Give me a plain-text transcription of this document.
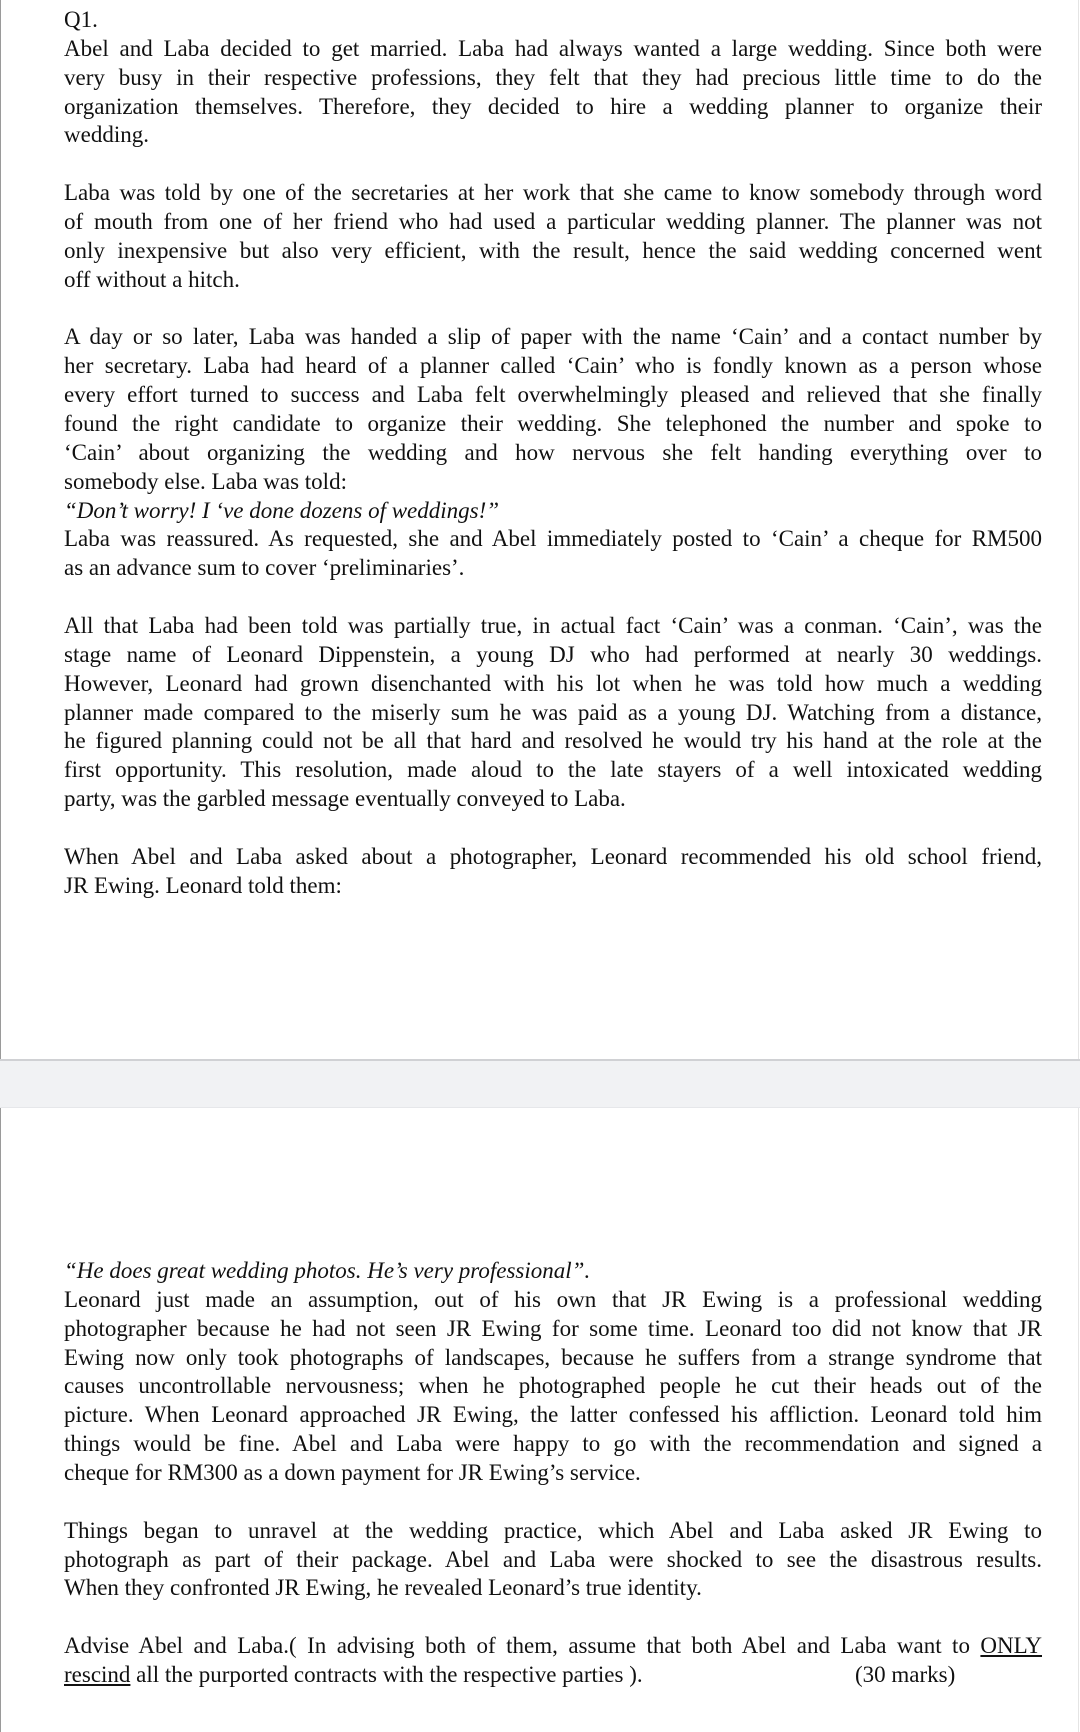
Q1.
Abel and Laba decided to get married. Laba had always wanted a large wedding. Since both were
very busy in their respective professions, they felt that they had precious little time to do the
organization themselves. Therefore, they decided to hire a wedding planner to organize their
wedding.
Laba was told by one of the secretaries at her work that she came to know somebody through word
of mouth from one of her friend who had used a particular wedding planner. The planner was not
only inexpensive but also very efficient, with the result, hence the said wedding concerned went
off without a hitch.
A day or so later, Laba was handed a slip of paper with the name ‘Cain’ and a contact number by
her secretary. Laba had heard of a planner called ‘Cain’ who is fondly known as a person whose
every effort turned to success and Laba felt overwhelmingly pleased and relieved that she finally
found the right candidate to organize their wedding. She telephoned the number and spoke to
‘Cain’ about organizing the wedding and how nervous she felt handing everything over to
somebody else. Laba was told:
“Don’t worry! I ‘ve done dozens of weddings!”
Laba was reassured. As requested, she and Abel immediately posted to ‘Cain’ a cheque for RM500
as an advance sum to cover ‘preliminaries’.
All that Laba had been told was partially true, in actual fact ‘Cain’ was a conman. ‘Cain’, was the
stage name of Leonard Dippenstein, a young DJ who had performed at nearly 30 weddings.
However, Leonard had grown disenchanted with his lot when he was told how much a wedding
planner made compared to the miserly sum he was paid as a young DJ. Watching from a distance,
he figured planning could not be all that hard and resolved he would try his hand at the role at the
first opportunity. This resolution, made aloud to the late stayers of a well intoxicated wedding
party, was the garbled message eventually conveyed to Laba.
When Abel and Laba asked about a photographer, Leonard recommended his old school friend,
JR Ewing. Leonard told them:
“He does great wedding photos. He’s very professional”.
Leonard just made an assumption, out of his own that JR Ewing is a professional wedding
photographer because he had not seen JR Ewing for some time. Leonard too did not know that JR
Ewing now only took photographs of landscapes, because he suffers from a strange syndrome that
causes uncontrollable nervousness; when he photographed people he cut their heads out of the
picture. When Leonard approached JR Ewing, the latter confessed his affliction. Leonard told him
things would be fine. Abel and Laba were happy to go with the recommendation and signed a
cheque for RM300 as a down payment for JR Ewing’s service.
Things began to unravel at the wedding practice, which Abel and Laba asked JR Ewing to
photograph as part of their package. Abel and Laba were shocked to see the disastrous results.
When they confronted JR Ewing, he revealed Leonard’s true identity.
Advise Abel and Laba.( In advising both of them, assume that both Abel and Laba want to ONLY
rescind all the purported contracts with the respective parties ).	(30 marks)
